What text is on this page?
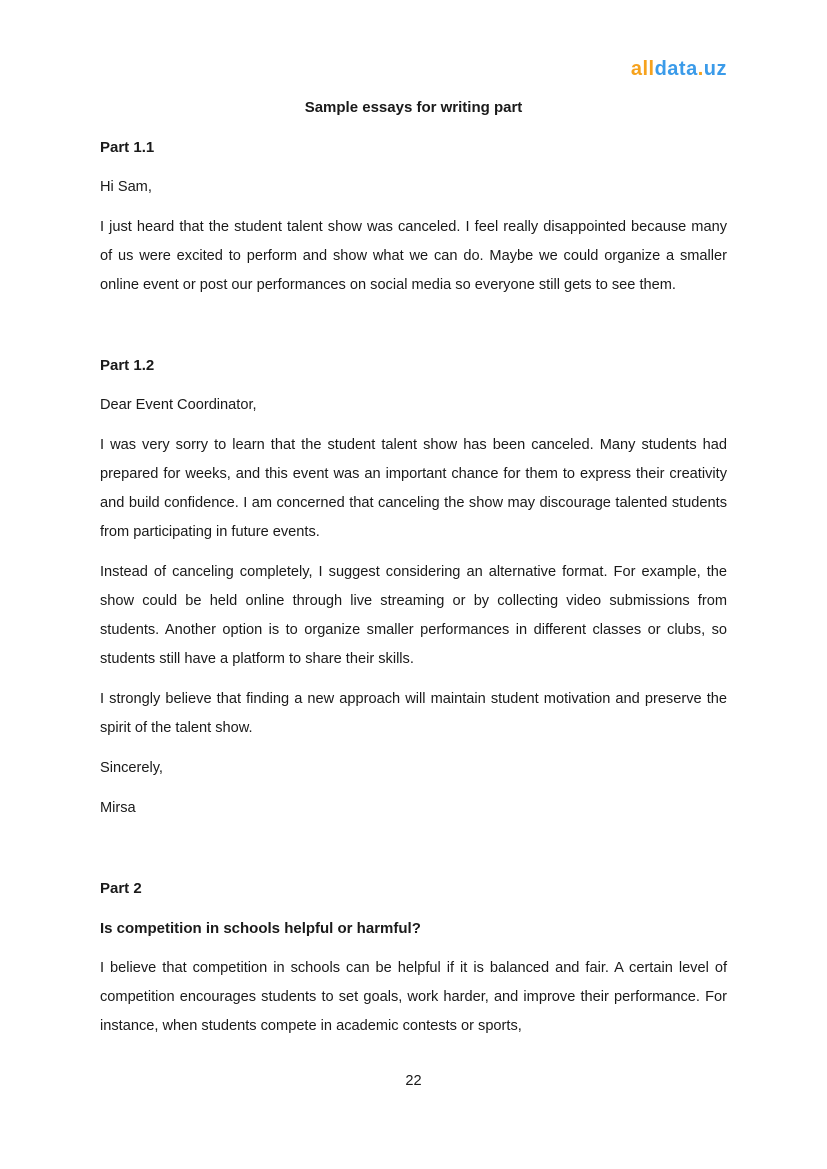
alldata.uz
Sample essays for writing part
Part 1.1
Hi Sam,
I just heard that the student talent show was canceled. I feel really disappointed because many of us were excited to perform and show what we can do. Maybe we could organize a smaller online event or post our performances on social media so everyone still gets to see them.
Part 1.2
Dear Event Coordinator,
I was very sorry to learn that the student talent show has been canceled. Many students had prepared for weeks, and this event was an important chance for them to express their creativity and build confidence. I am concerned that canceling the show may discourage talented students from participating in future events.
Instead of canceling completely, I suggest considering an alternative format. For example, the show could be held online through live streaming or by collecting video submissions from students. Another option is to organize smaller performances in different classes or clubs, so students still have a platform to share their skills.
I strongly believe that finding a new approach will maintain student motivation and preserve the spirit of the talent show.
Sincerely,
Mirsa
Part 2
Is competition in schools helpful or harmful?
I believe that competition in schools can be helpful if it is balanced and fair. A certain level of competition encourages students to set goals, work harder, and improve their performance. For instance, when students compete in academic contests or sports,
22
